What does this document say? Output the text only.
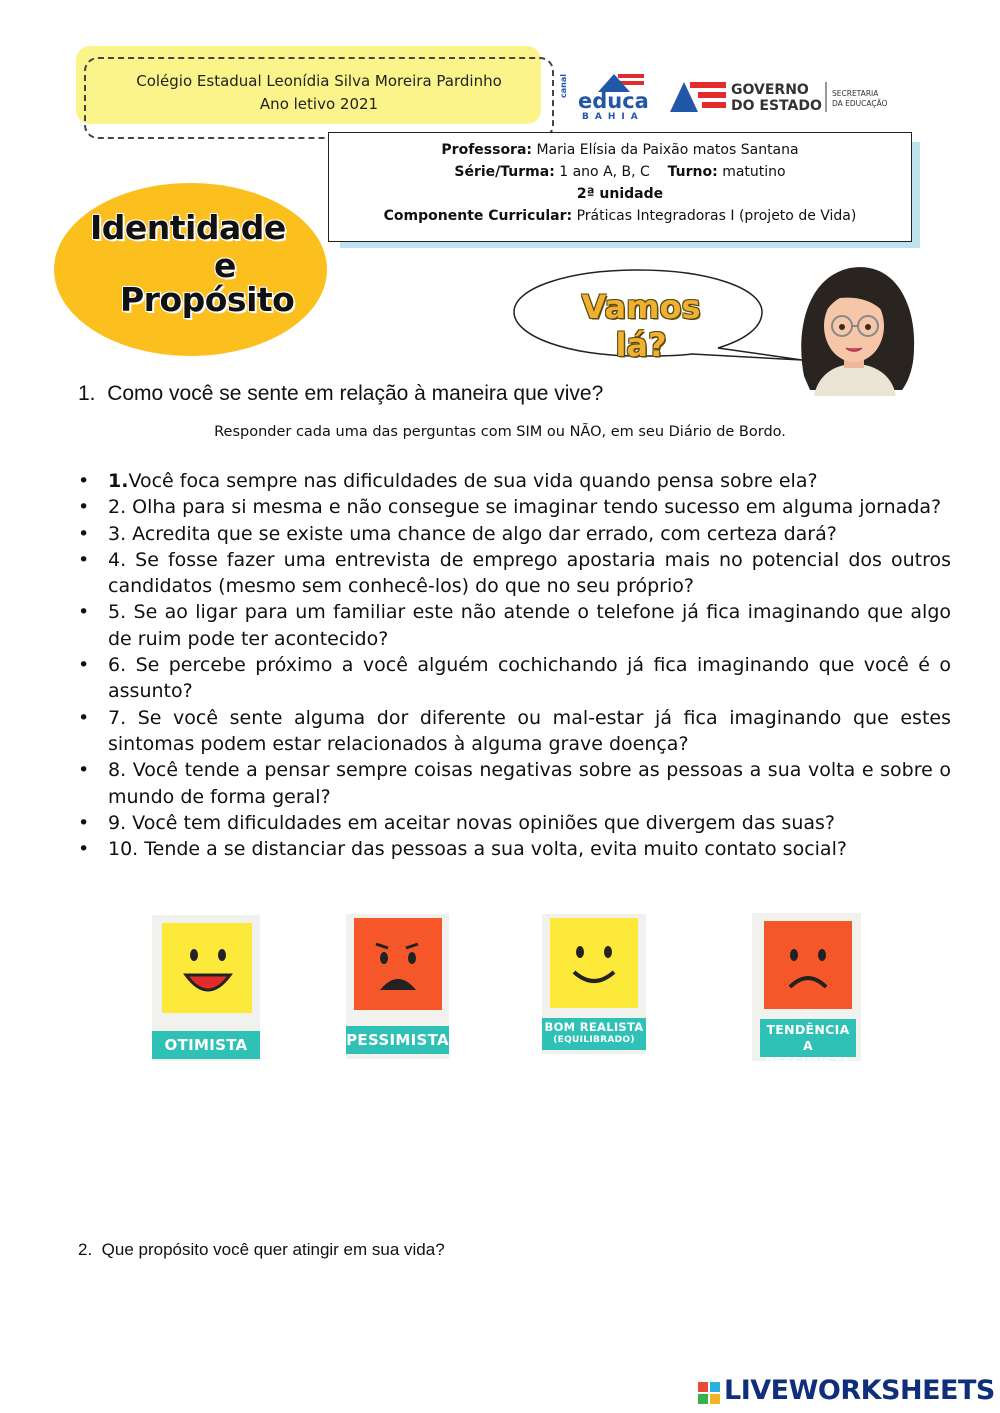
Colégio Estadual Leonídia Silva Moreira Pardinho
Ano letivo 2021
canal
educa
BAHIA
GOVERNO
DO ESTADO
SECRETARIA
DA EDUCAÇÃO
Professora: Maria Elísia da Paixão matos Santana
Série/Turma: 1 ano A, B, C Turno: matutino
2ª unidade
Componente Curricular: Práticas Integradoras I (projeto de Vida)
Identidade
e
Propósito	Vamos lá?
1. Como você se sente em relação à maneira que vive?
Responder cada uma das perguntas com SIM ou NÃO, em seu Diário de Bordo.
• 1.Você foca sempre nas dificuldades de sua vida quando pensa sobre ela?
• 2. Olha para si mesma e não consegue se imaginar tendo sucesso em alguma jornada?
• 3. Acredita que se existe uma chance de algo dar errado, com certeza dará?
• 4. Se fosse fazer uma entrevista de emprego apostaria mais no potencial dos outros candidatos (mesmo sem conhecê-los) do que no seu próprio?
• 5. Se ao ligar para um familiar este não atende o telefone já fica imaginando que algo de ruim pode ter acontecido?
• 6. Se percebe próximo a você alguém cochichando já fica imaginando que você é o assunto?
• 7. Se você sente alguma dor diferente ou mal-estar já fica imaginando que estes sintomas podem estar relacionados à alguma grave doença?
• 8. Você tende a pensar sempre coisas negativas sobre as pessoas a sua volta e sobre o mundo de forma geral?
• 9. Você tem dificuldades em aceitar novas opiniões que divergem das suas?
• 10. Tende a se distanciar das pessoas a sua volta, evita muito contato social?
OTIMISTA	PESSIMISTA
BOM REALISTA
(EQUILIBRADO)
TENDÊNCIA A
PESSIMISTA
2. Que propósito você quer atingir em sua vida?
LIVEWORKSHEETS
